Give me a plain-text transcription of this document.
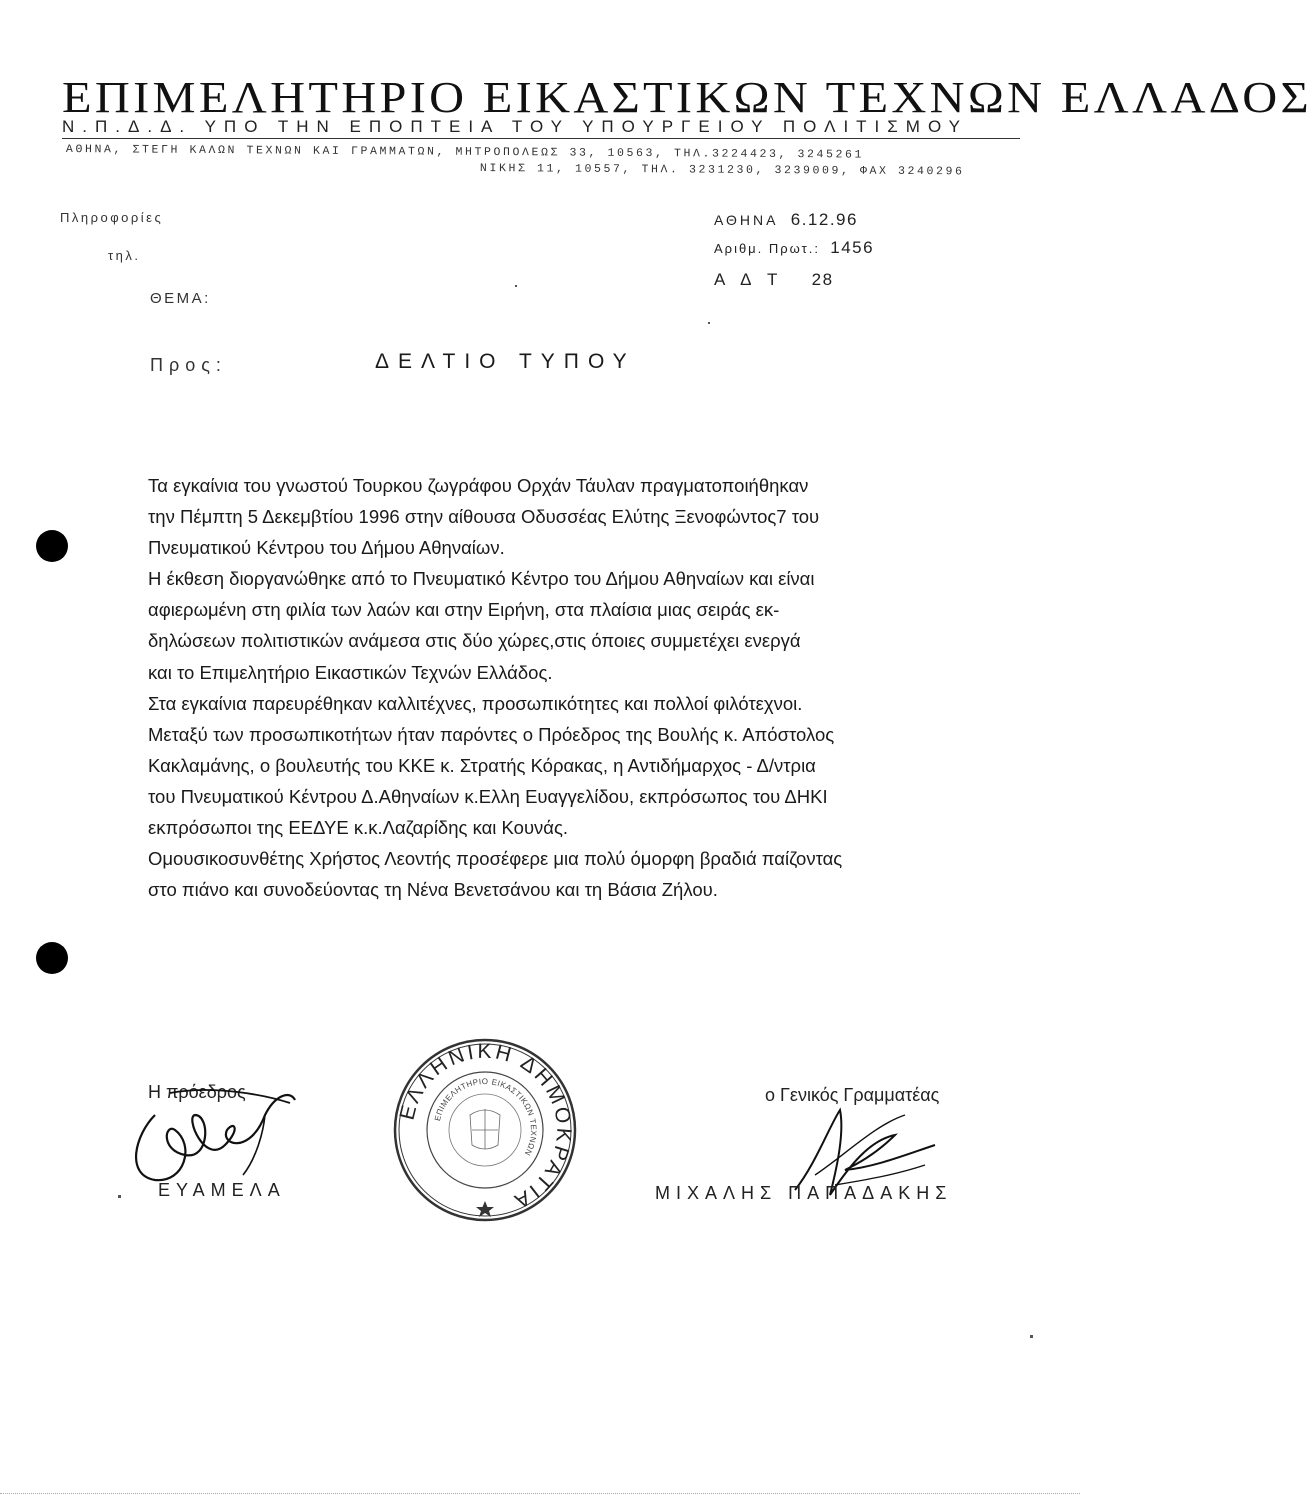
ΕΠΙΜΕΛΗΤΗΡΙΟ ΕΙΚΑΣΤΙΚΩΝ ΤΕΧΝΩΝ ΕΛΛΑΔΟΣ
Ν.Π.Δ.Δ. ΥΠΟ ΤΗΝ ΕΠΟΠΤΕΙΑ ΤΟΥ ΥΠΟΥΡΓΕΙΟΥ ΠΟΛΙΤΙΣΜΟΥ
ΑΘΗΝΑ, ΣΤΕΓΗ ΚΑΛΩΝ ΤΕΧΝΩΝ ΚΑΙ ΓΡΑΜΜΑΤΩΝ, ΜΗΤΡΟΠΟΛΕΩΣ 33, 10563, ΤΗΛ.3224423, 3245261
ΝΙΚΗΣ 11, 10557, ΤΗΛ. 3231230, 3239009, ΦΑΧ 3240296
Πληροφορίες
τηλ.
ΘΕΜΑ:
ΑΘΗΝΑ 6.12.96
Αριθμ. Πρωτ.: 1456
Α Δ Τ 28
Προς:	ΔΕΛΤΙΟ ΤΥΠΟΥ

Τα εγκαίνια του γνωστού Τουρκου ζωγράφου Ορχάν Τάυλαν πραγματοποιήθηκαν

την Πέμπτη 5 Δεκεμβτίου 1996 στην αίθουσα Οδυσσέας Ελύτης Ξενοφώντος7 του

Πνευματικού Κέντρου του Δήμου Αθηναίων.

Η έκθεση διοργανώθηκε από το Πνευματικό Κέντρο του Δήμου Αθηναίων και είναι

αφιερωμένη στη φιλία των λαών και στην Ειρήνη, στα πλαίσια μιας σειράς εκ-

δηλώσεων πολιτιστικών ανάμεσα στις δύο χώρες,στις όποιες συμμετέχει ενεργά

και το Επιμελητήριο Εικαστικών Τεχνών Ελλάδος.

Στα εγκαίνια παρευρέθηκαν καλλιτέχνες, προσωπικότητες και πολλοί φιλότεχνοι.

Μεταξύ των προσωπικοτήτων ήταν παρόντες ο Πρόεδρος της Βουλής κ. Απόστολος

Κακλαμάνης, ο βουλευτής του ΚΚΕ κ. Στρατής Κόρακας, η Αντιδήμαρχος - Δ/ντρια

του Πνευματικού Κέντρου Δ.Αθηναίων κ.Ελλη Ευαγγελίδου, εκπρόσωπος του ΔΗΚΙ

εκπρόσωποι της ΕΕΔΥΕ κ.κ.Λαζαρίδης και Κουνάς.

Ομουσικοσυνθέτης Χρήστος Λεοντής προσέφερε μια πολύ όμορφη βραδιά παίζοντας

στο πιάνο και συνοδεύοντας τη Νένα Βενετσάνου και τη Βάσια Ζήλου.

ΕΛΛΗΝΙΚΗ ΔΗΜΟΚΡΑΤΙΑ
ΕΠΙΜΕΛΗΤΗΡΙΟ ΕΙΚΑΣΤΙΚΩΝ ΤΕΧΝΩΝ
Η πρόεδρος
ΕΥΑΜΕΛΑ
ο Γενικός Γραμματέας
ΜΙΧΑΛΗΣ ΠΑΠΑΔΑΚΗΣ
